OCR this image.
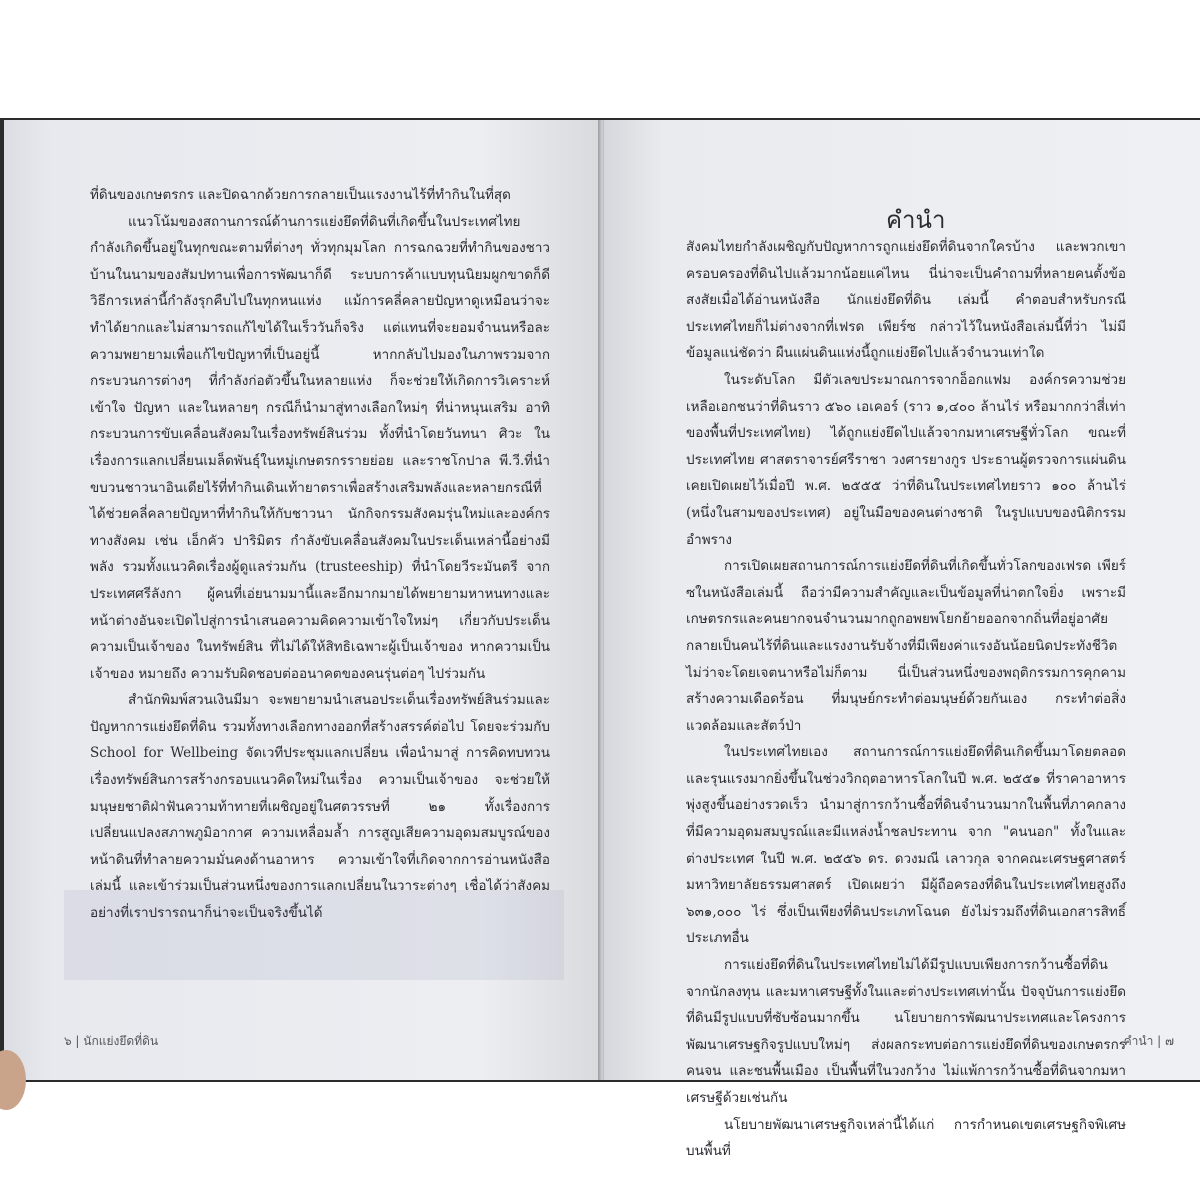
ที่ดินของเกษตรกร และปิดฉากด้วยการกลายเป็นแรงงานไร้ที่ทำกินในที่สุด

แนวโน้มของสถานการณ์ด้านการแย่งยึดที่ดินที่เกิดขึ้นในประเทศไทย กำลังเกิดขึ้นอยู่ในทุกขณะตามที่ต่างๆ ทั่วทุกมุมโลก การฉกฉวยที่ทำกินของชาวบ้านในนามของสัมปทานเพื่อการพัฒนาก็ดี ระบบการค้าแบบทุนนิยมผูกขาดก็ดี วิธีการเหล่านี้กำลังรุกคืบไปในทุกหนแห่ง แม้การคลี่คลายปัญหาดูเหมือนว่าจะทำได้ยากและไม่สามารถแก้ไขได้ในเร็ววันก็จริง แต่แทนที่จะยอมจำนนหรือละความพยายามเพื่อแก้ไขปัญหาที่เป็นอยู่นี้ หากกลับไปมองในภาพรวมจากกระบวนการต่างๆ ที่กำลังก่อตัวขึ้นในหลายแห่ง ก็จะช่วยให้เกิดการวิเคราะห์เข้าใจ ปัญหา และในหลายๆ กรณีก็นำมาสู่ทางเลือกใหม่ๆ ที่น่าหนุนเสริม อาทิ กระบวนการขับเคลื่อนสังคมในเรื่องทรัพย์สินร่วม ทั้งที่นำโดยวันทนา ศิวะ ในเรื่องการแลกเปลี่ยนเมล็ดพันธุ์ในหมู่เกษตรกรรายย่อย และราชโกปาล พี.วี.ที่นำขบวนชาวนาอินเดียไร้ที่ทำกินเดินเท้ายาตราเพื่อสร้างเสริมพลังและหลายกรณีที่ได้ช่วยคลี่คลายปัญหาที่ทำกินให้กับชาวนา นักกิจกรรมสังคมรุ่นใหม่และองค์กรทางสังคม เช่น เอ็กคัว ปาริมิตร กำลังขับเคลื่อนสังคมในประเด็นเหล่านี้อย่างมีพลัง รวมทั้งแนวคิดเรื่องผู้ดูแลร่วมกัน (trusteeship) ที่นำโดยวีระมันตรี จากประเทศศรีลังกา ผู้คนที่เอ่ยนามมานี้และอีกมากมายได้พยายามหาหนทางและหน้าต่างอันจะเปิดไปสู่การนำเสนอความคิดความเข้าใจใหม่ๆ เกี่ยวกับประเด็น ความเป็นเจ้าของ ในทรัพย์สิน ที่ไม่ได้ให้สิทธิเฉพาะผู้เป็นเจ้าของ หากความเป็นเจ้าของ หมายถึง ความรับผิดชอบต่ออนาคตของคนรุ่นต่อๆ ไปร่วมกัน

สำนักพิมพ์สวนเงินมีมา จะพยายามนำเสนอประเด็นเรื่องทรัพย์สินร่วมและปัญหาการแย่งยึดที่ดิน รวมทั้งทางเลือกทางออกที่สร้างสรรค์ต่อไป โดยจะร่วมกับ School for Wellbeing จัดเวทีประชุมแลกเปลี่ยน เพื่อนำมาสู่ การคิดทบทวนเรื่องทรัพย์สินการสร้างกรอบแนวคิดใหม่ในเรื่อง ความเป็นเจ้าของ จะช่วยให้มนุษยชาติฝ่าฟันความท้าทายที่เผชิญอยู่ในศตวรรษที่ ๒๑ ทั้งเรื่องการเปลี่ยนแปลงสภาพภูมิอากาศ ความเหลื่อมล้ำ การสูญเสียความอุดมสมบูรณ์ของหน้าดินที่ทำลายความมั่นคงด้านอาหาร ความเข้าใจที่เกิดจากการอ่านหนังสือเล่มนี้ และเข้าร่วมเป็นส่วนหนึ่งของการแลกเปลี่ยนในวาระต่างๆ เชื่อได้ว่าสังคมอย่างที่เราปรารถนาก็น่าจะเป็นจริงขึ้นได้

๖ | นักแย่งยึดที่ดิน
คำนำ

สังคมไทยกำลังเผชิญกับปัญหาการถูกแย่งยึดที่ดินจากใครบ้าง และพวกเขาครอบครองที่ดินไปแล้วมากน้อยแค่ไหน นี่น่าจะเป็นคำถามที่หลายคนตั้งข้อสงสัยเมื่อได้อ่านหนังสือ นักแย่งยึดที่ดิน เล่มนี้ คำตอบสำหรับกรณีประเทศไทยก็ไม่ต่างจากที่เฟรด เพียร์ซ กล่าวไว้ในหนังสือเล่มนี้ที่ว่า ไม่มีข้อมูลแน่ชัดว่า ผืนแผ่นดินแห่งนี้ถูกแย่งยึดไปแล้วจำนวนเท่าใด

ในระดับโลก มีตัวเลขประมาณการจากอ็อกแฟม องค์กรความช่วยเหลือเอกชนว่าที่ดินราว ๕๖๐ เอเคอร์ (ราว ๑,๔๐๐ ล้านไร่ หรือมากกว่าสี่เท่าของพื้นที่ประเทศไทย) ได้ถูกแย่งยึดไปแล้วจากมหาเศรษฐีทั่วโลก ขณะที่ประเทศไทย ศาสตราจารย์ศรีราชา วงศารยางกูร ประธานผู้ตรวจการแผ่นดินเคยเปิดเผยไว้เมื่อปี พ.ศ. ๒๕๕๕ ว่าที่ดินในประเทศไทยราว ๑๐๐ ล้านไร่ (หนึ่งในสามของประเทศ) อยู่ในมือของคนต่างชาติ ในรูปแบบของนิติกรรมอำพราง

การเปิดเผยสถานการณ์การแย่งยึดที่ดินที่เกิดขึ้นทั่วโลกของเฟรด เพียร์ซในหนังสือเล่มนี้ ถือว่ามีความสำคัญและเป็นข้อมูลที่น่าตกใจยิ่ง เพราะมีเกษตรกรและคนยากจนจำนวนมากถูกอพยพโยกย้ายออกจากถิ่นที่อยู่อาศัย กลายเป็นคนไร้ที่ดินและแรงงานรับจ้างที่มีเพียงค่าแรงอันน้อยนิดประทังชีวิต ไม่ว่าจะโดยเจตนาหรือไม่ก็ตาม นี่เป็นส่วนหนึ่งของพฤติกรรมการคุกคาม สร้างความเดือดร้อน ที่มนุษย์กระทำต่อมนุษย์ด้วยกันเอง กระทำต่อสิ่งแวดล้อมและสัตว์ป่า

ในประเทศไทยเอง สถานการณ์การแย่งยึดที่ดินเกิดขึ้นมาโดยตลอด และรุนแรงมากยิ่งขึ้นในช่วงวิกฤตอาหารโลกในปี พ.ศ. ๒๕๕๑ ที่ราคาอาหารพุ่งสูงขึ้นอย่างรวดเร็ว นำมาสู่การกว้านซื้อที่ดินจำนวนมากในพื้นที่ภาคกลาง ที่มีความอุดมสมบูรณ์และมีแหล่งน้ำชลประทาน จาก "คนนอก" ทั้งในและต่างประเทศ ในปี พ.ศ. ๒๕๕๖ ดร. ดวงมณี เลาวกุล จากคณะเศรษฐศาสตร์ มหาวิทยาลัยธรรมศาสตร์ เปิดเผยว่า มีผู้ถือครองที่ดินในประเทศไทยสูงถึง ๖๓๑,๐๐๐ ไร่ ซึ่งเป็นเพียงที่ดินประเภทโฉนด ยังไม่รวมถึงที่ดินเอกสารสิทธิ์ประเภทอื่น

การแย่งยึดที่ดินในประเทศไทยไม่ได้มีรูปแบบเพียงการกว้านซื้อที่ดินจากนักลงทุน และมหาเศรษฐีทั้งในและต่างประเทศเท่านั้น ปัจจุบันการแย่งยึดที่ดินมีรูปแบบที่ซับซ้อนมากขึ้น นโยบายการพัฒนาประเทศและโครงการพัฒนาเศรษฐกิจรูปแบบใหม่ๆ ส่งผลกระทบต่อการแย่งยึดที่ดินของเกษตรกร คนจน และชนพื้นเมือง เป็นพื้นที่ในวงกว้าง ไม่แพ้การกว้านซื้อที่ดินจากมหาเศรษฐีด้วยเช่นกัน

นโยบายพัฒนาเศรษฐกิจเหล่านี้ได้แก่ การกำหนดเขตเศรษฐกิจพิเศษบนพื้นที่

คำนำ | ๗
